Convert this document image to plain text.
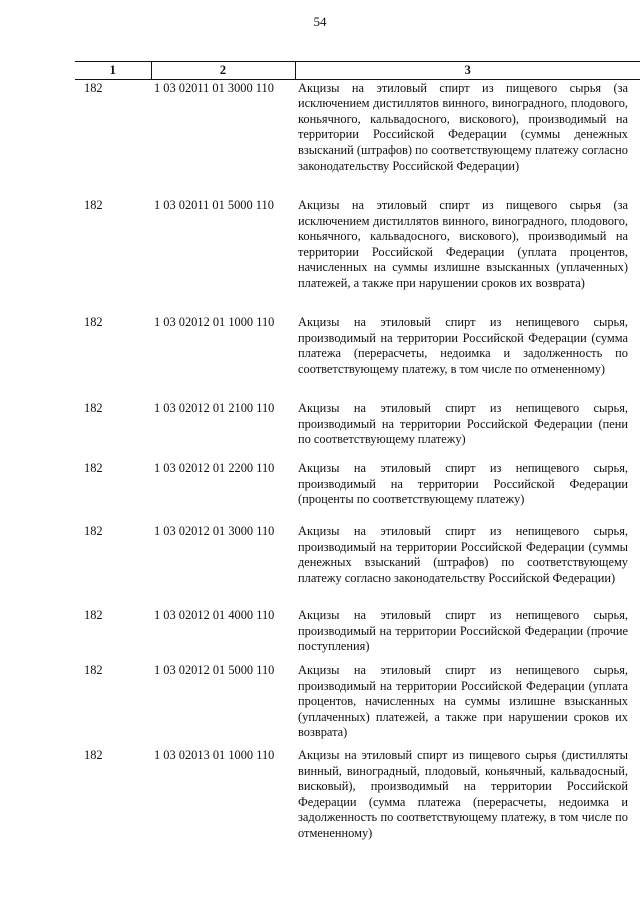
54
1	2	3
182	1 03 02011 01 3000 110	Акцизы на этиловый спирт из пищевого сырья (за исключением дистиллятов винного, виноградного, плодового, коньячного, кальвадосного, вискового), производимый на территории Российской Федерации (суммы денежных взысканий (штрафов) по соответствующему платежу согласно законодательству Российской Федерации)
182	1 03 02011 01 5000 110	Акцизы на этиловый спирт из пищевого сырья (за исключением дистиллятов винного, виноградного, плодового, коньячного, кальвадосного, вискового), производимый на территории Российской Федерации (уплата процентов, начисленных на суммы излишне взысканных (уплаченных) платежей, а также при нарушении сроков их возврата)
182	1 03 02012 01 1000 110	Акцизы на этиловый спирт из непищевого сырья, производимый на территории Российской Федерации (сумма платежа (перерасчеты, недоимка и задолженность по соответствующему платежу, в том числе по отмененному)
182	1 03 02012 01 2100 110	Акцизы на этиловый спирт из непищевого сырья, производимый на территории Российской Федерации (пени по соответствующему платежу)
182	1 03 02012 01 2200 110	Акцизы на этиловый спирт из непищевого сырья, производимый на территории Российской Федерации (проценты по соответствующему платежу)
182	1 03 02012 01 3000 110	Акцизы на этиловый спирт из непищевого сырья, производимый на территории Российской Федерации (суммы денежных взысканий (штрафов) по соответствующему платежу согласно законодательству Российской Федерации)
182	1 03 02012 01 4000 110	Акцизы на этиловый спирт из непищевого сырья, производимый на территории Российской Федерации (прочие поступления)
182	1 03 02012 01 5000 110	Акцизы на этиловый спирт из непищевого сырья, производимый на территории Российской Федерации (уплата процентов, начисленных на суммы излишне взысканных (уплаченных) платежей, а также при нарушении сроков их возврата)
182	1 03 02013 01 1000 110	Акцизы на этиловый спирт из пищевого сырья (дистилляты винный, виноградный, плодовый, коньячный, кальвадосный, висковый), производимый на территории Российской Федерации (сумма платежа (перерасчеты, недоимка и задолженность по соответствующему платежу, в том числе по отмененному)
